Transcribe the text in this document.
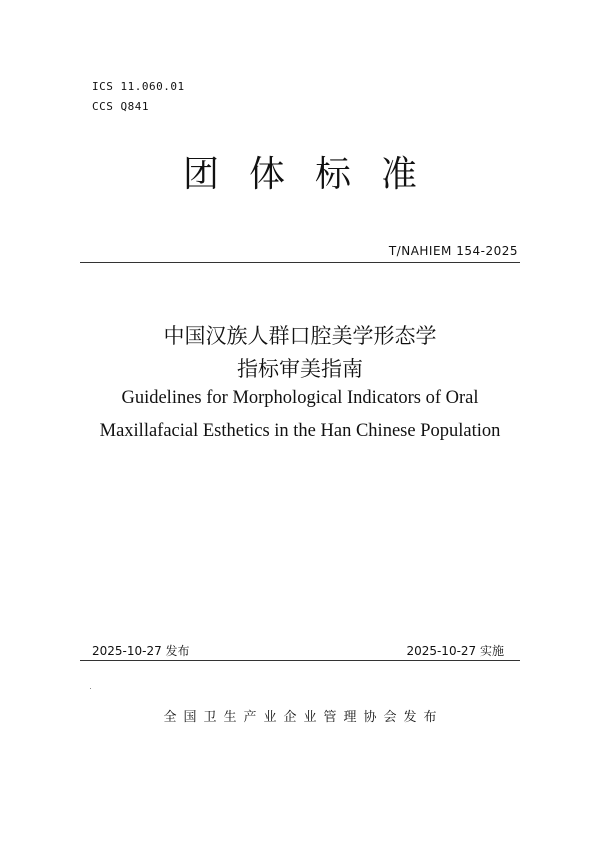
ICS 11.060.01
CCS Q841
团体标准
T/NAHIEM 154-2025
中国汉族人群口腔美学形态学
指标审美指南
Guidelines for Morphological Indicators of Oral
Maxillafacial Esthetics in the Han Chinese Population
2025-10-27 发布	2025-10-27 实施
全国卫生产业企业管理协会发布
